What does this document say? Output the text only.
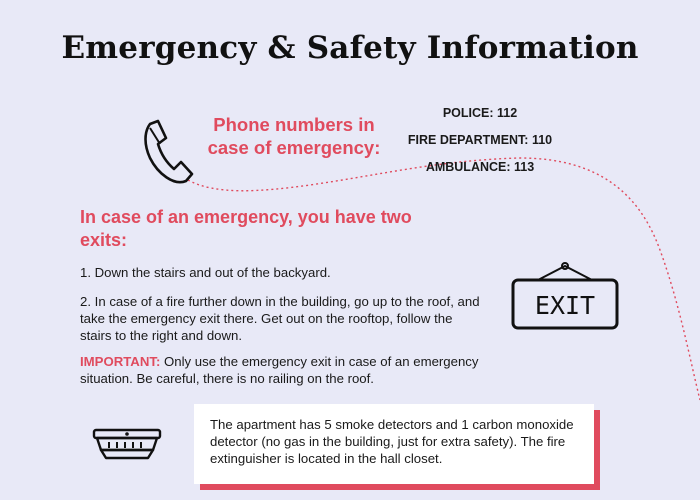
Emergency & Safety Information
Phone numbers in
case of emergency:
POLICE: 112
FIRE DEPARTMENT: 110
AMBULANCE: 113
In case of an emergency, you have two
exits:

1. Down the stairs and out of the backyard.

2. In case of a fire further down in the building, go up to the roof, and take the emergency exit there. Get out on the rooftop, follow the stairs to the right and down.

IMPORTANT: Only use the emergency exit in case of an emergency situation. Be careful, there is no railing on the roof.

EXIT

The apartment has 5 smoke detectors and 1 carbon monoxide detector (no gas in the building, just for extra safety). The fire extinguisher is located in the hall closet.
